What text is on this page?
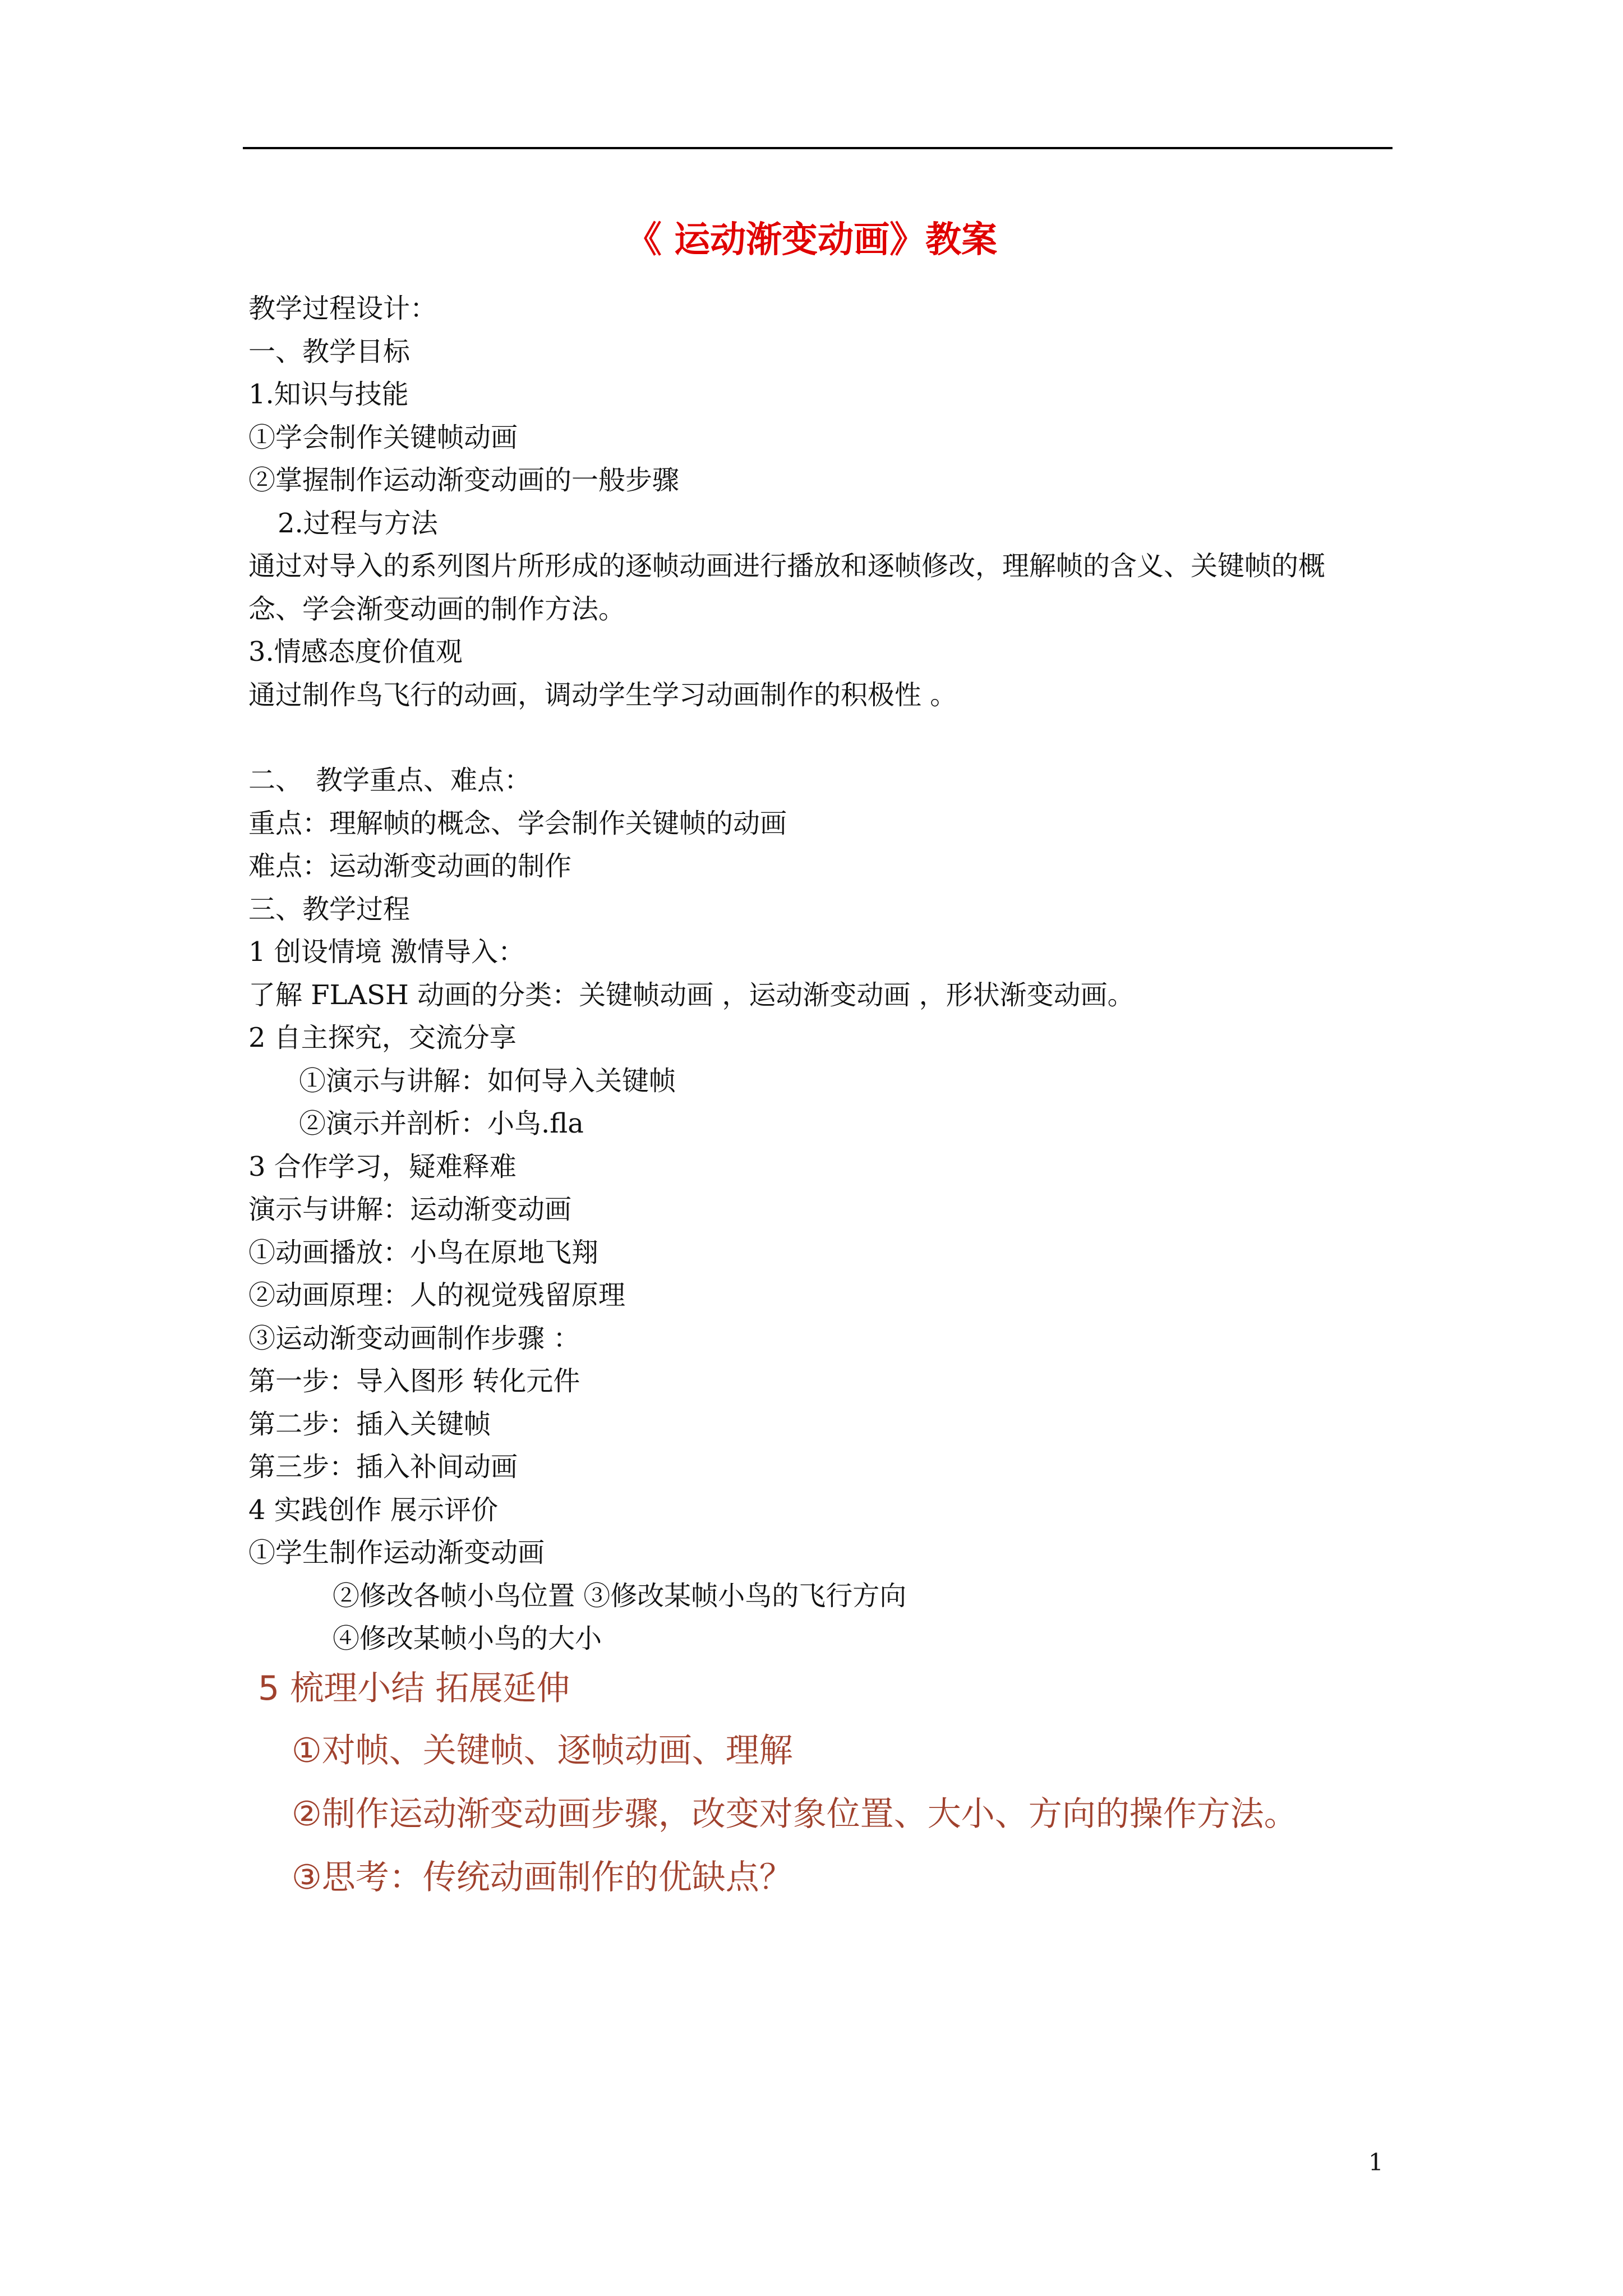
《 运动渐变动画》教案
教学过程设计：
一、教学目标
1.知识与技能
①学会制作关键帧动画
②掌握制作运动渐变动画的一般步骤
2.过程与方法
通过对导入的系列图片所形成的逐帧动画进行播放和逐帧修改，理解帧的含义、关键帧的概
念、学会渐变动画的制作方法。
3.情感态度价值观
通过制作鸟飞行的动画，调动学生学习动画制作的积极性 。
二、　教学重点、难点：
重点：理解帧的概念、学会制作关键帧的动画
难点：运动渐变动画的制作
三、教学过程
1 创设情境 激情导入：
了解 FLASH 动画的分类：关键帧动画 ，运动渐变动画 ，形状渐变动画。
2 自主探究，交流分享
①演示与讲解：如何导入关键帧
②演示并剖析：小鸟.fla
3 合作学习，疑难释难
演示与讲解：运动渐变动画
①动画播放：小鸟在原地飞翔
②动画原理：人的视觉残留原理
③运动渐变动画制作步骤 ：
第一步：导入图形 转化元件
第二步：插入关键帧
第三步：插入补间动画
4 实践创作 展示评价
①学生制作运动渐变动画
②修改各帧小鸟位置 ③修改某帧小鸟的飞行方向
④修改某帧小鸟的大小
5 梳理小结 拓展延伸
①对帧、关键帧、逐帧动画、理解
②制作运动渐变动画步骤，改变对象位置、大小、方向的操作方法。
③思考：传统动画制作的优缺点？
1
